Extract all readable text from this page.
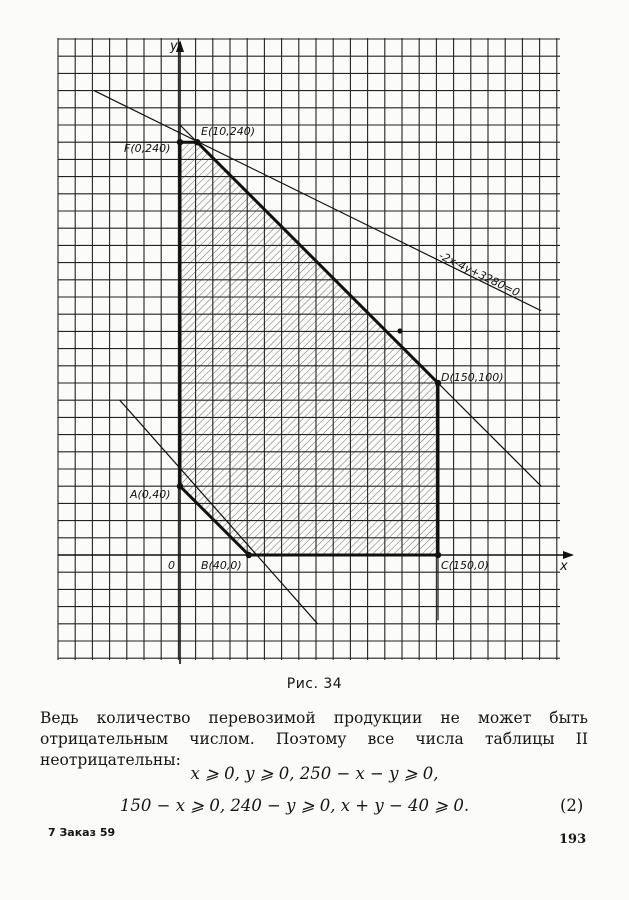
x
y
0
-2x-4y+3280=0
A(0,40)
B(40,0)	C(150,0)
D(150,100)
E(10,240)
F(0,240)
Рис. 34
Ведь количество перевозимой продукции не может быть отрицательным числом. Поэтому все числа таблицы II неотрицательны:
x ⩾ 0, y ⩾ 0, 250 − x − y ⩾ 0,
150 − x ⩾ 0, 240 − y ⩾ 0, x + y − 40 ⩾ 0.	(2)
7 Заказ 59	193
